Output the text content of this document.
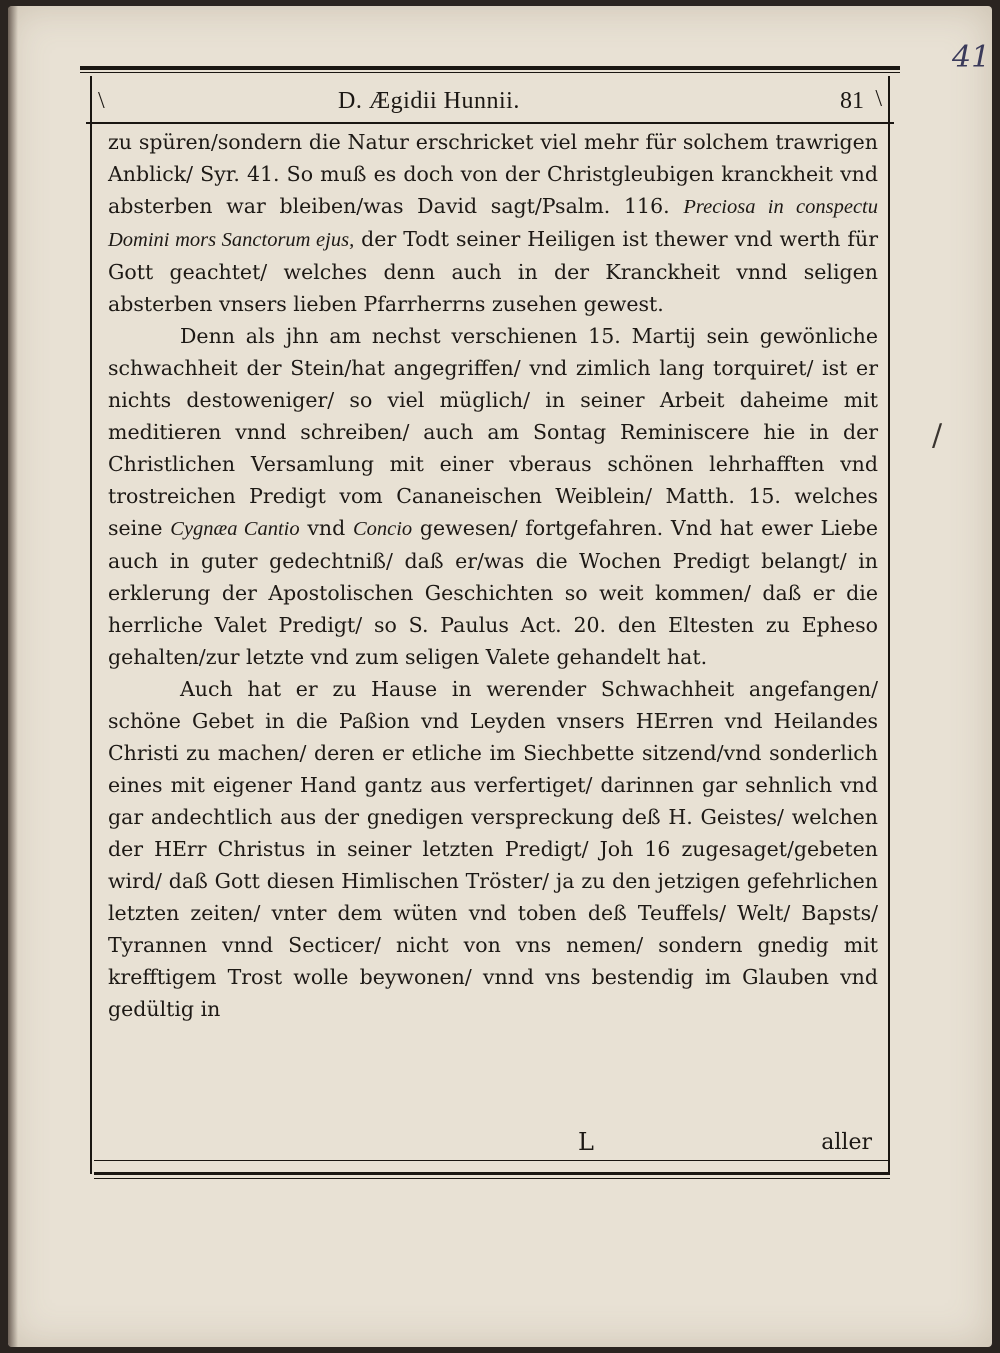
\	D. Ægidii Hunnii.	81 \

zu spüren/sondern die Natur erschricket viel mehr für solchem trawrigen Anblick/ Syr. 41. So muß es doch von der Christgleubigen kranckheit vnd absterben war bleiben/was David sagt/Psalm. 116. Preciosa in conspectu Domini mors Sanctorum ejus, der Todt seiner Heiligen ist thewer vnd werth für Gott geachtet/ welches denn auch in der Kranckheit vnnd seligen absterben vnsers lieben Pfarrherrns zusehen gewest.

Denn als jhn am nechst verschienen 15. Martij sein gewönliche schwachheit der Stein/hat angegriffen/ vnd zimlich lang torquiret/ ist er nichts destoweniger/ so viel müglich/ in seiner Arbeit daheime mit meditieren vnnd schreiben/ auch am Sontag Reminiscere hie in der Christlichen Versamlung mit einer vberaus schönen lehrhafften vnd trostreichen Predigt vom Cananeischen Weiblein/ Matth. 15. welches seine Cygnæa Cantio vnd Concio gewesen/ fortgefahren. Vnd hat ewer Liebe auch in guter gedechtniß/ daß er/was die Wochen Predigt belangt/ in erklerung der Apostolischen Geschichten so weit kommen/ daß er die herrliche Valet Predigt/ so S. Paulus Act. 20. den Eltesten zu Epheso gehalten/zur letzte vnd zum seligen Valete gehandelt hat.

Auch hat er zu Hause in werender Schwachheit angefangen/ schöne Gebet in die Paßion vnd Leyden vnsers HErren vnd Heilandes Christi zu machen/ deren er etliche im Siechbette sitzend/vnd sonderlich eines mit eigener Hand gantz aus verfertiget/ darinnen gar sehnlich vnd gar andechtlich aus der gnedigen verspreckung deß H. Geistes/ welchen der HErr Christus in seiner letzten Predigt/ Joh 16 zugesaget/gebeten wird/ daß Gott diesen Himlischen Tröster/ ja zu den jetzigen gefehrlichen letzten zeiten/ vnter dem wüten vnd toben deß Teuffels/ Welt/ Bapsts/ Tyrannen vnnd Secticer/ nicht von vns nemen/ sondern gnedig mit krefftigem Trost wolle beywonen/ vnnd vns bestendig im Glauben vnd gedültig in

L	aller
/
41
